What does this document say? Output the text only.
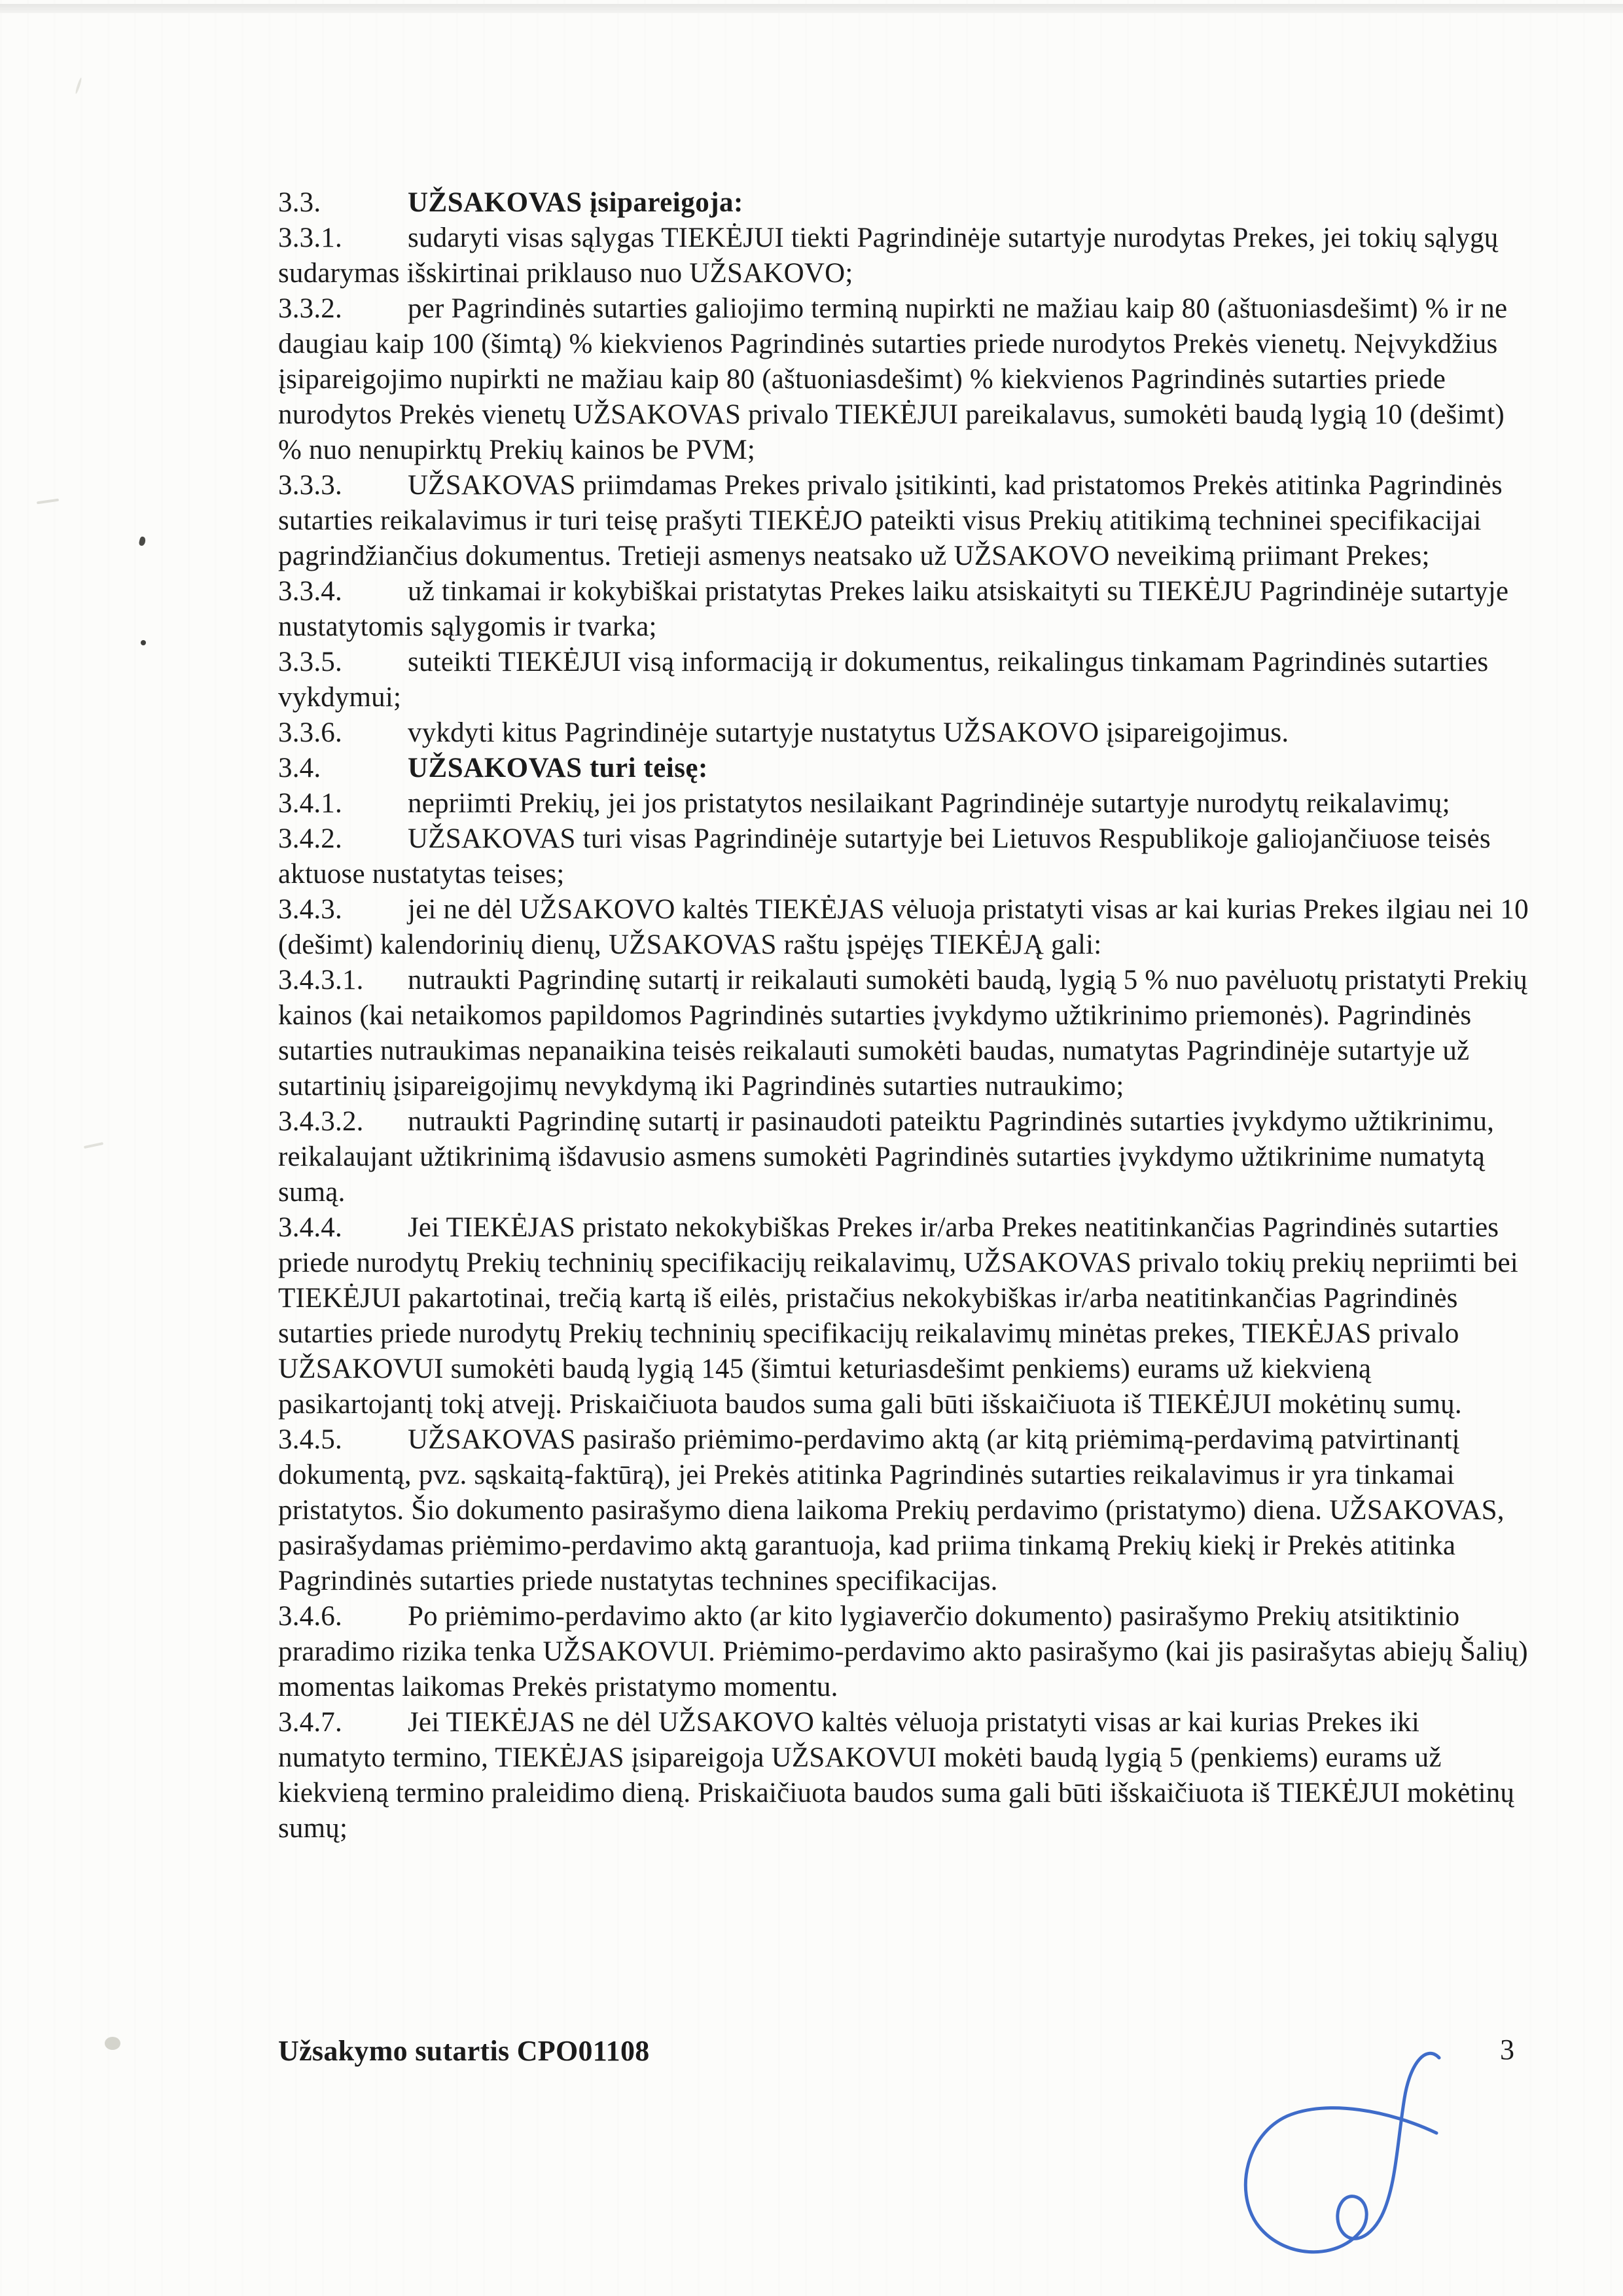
3.3.	UŽSAKOVAS įsipareigoja:

3.3.1. sudaryti visas sąlygas TIEKĖJUI tiekti Pagrindinėje sutartyje nurodytas Prekes, jei tokių sąlygų sudarymas išskirtinai priklauso nuo UŽSAKOVO;

3.3.2. per Pagrindinės sutarties galiojimo terminą nupirkti ne mažiau kaip 80 (aštuoniasdešimt) % ir ne daugiau kaip 100 (šimtą) % kiekvienos Pagrindinės sutarties priede nurodytos Prekės vienetų. Neįvykdžius įsipareigojimo nupirkti ne mažiau kaip 80 (aštuoniasdešimt) % kiekvienos Pagrindinės sutarties priede nurodytos Prekės vienetų UŽSAKOVAS privalo TIEKĖJUI pareikalavus, sumokėti baudą lygią 10 (dešimt) % nuo nenupirktų Prekių kainos be PVM;

3.3.3. UŽSAKOVAS priimdamas Prekes privalo įsitikinti, kad pristatomos Prekės atitinka Pagrindinės sutarties reikalavimus ir turi teisę prašyti TIEKĖJO pateikti visus Prekių atitikimą techninei specifikacijai pagrindžiančius dokumentus. Tretieji asmenys neatsako už UŽSAKOVO neveikimą priimant Prekes;

3.3.4. už tinkamai ir kokybiškai pristatytas Prekes laiku atsiskaityti su TIEKĖJU Pagrindinėje sutartyje nustatytomis sąlygomis ir tvarka;

3.3.5. suteikti TIEKĖJUI visą informaciją ir dokumentus, reikalingus tinkamam Pagrindinės sutarties vykdymui;

3.3.6. vykdyti kitus Pagrindinėje sutartyje nustatytus UŽSAKOVO įsipareigojimus.

3.4.	UŽSAKOVAS turi teisę:

3.4.1. nepriimti Prekių, jei jos pristatytos nesilaikant Pagrindinėje sutartyje nurodytų reikalavimų;

3.4.2. UŽSAKOVAS turi visas Pagrindinėje sutartyje bei Lietuvos Respublikoje galiojančiuose teisės aktuose nustatytas teises;

3.4.3. jei ne dėl UŽSAKOVO kaltės TIEKĖJAS vėluoja pristatyti visas ar kai kurias Prekes ilgiau nei 10 (dešimt) kalendorinių dienų, UŽSAKOVAS raštu įspėjęs TIEKĖJĄ gali:

3.4.3.1. nutraukti Pagrindinę sutartį ir reikalauti sumokėti baudą, lygią 5 % nuo pavėluotų pristatyti Prekių kainos (kai netaikomos papildomos Pagrindinės sutarties įvykdymo užtikrinimo priemonės). Pagrindinės sutarties nutraukimas nepanaikina teisės reikalauti sumokėti baudas, numatytas Pagrindinėje sutartyje už sutartinių įsipareigojimų nevykdymą iki Pagrindinės sutarties nutraukimo;

3.4.3.2. nutraukti Pagrindinę sutartį ir pasinaudoti pateiktu Pagrindinės sutarties įvykdymo užtikrinimu, reikalaujant užtikrinimą išdavusio asmens sumokėti Pagrindinės sutarties įvykdymo užtikrinime numatytą sumą.

3.4.4. Jei TIEKĖJAS pristato nekokybiškas Prekes ir/arba Prekes neatitinkančias Pagrindinės sutarties priede nurodytų Prekių techninių specifikacijų reikalavimų, UŽSAKOVAS privalo tokių prekių nepriimti bei TIEKĖJUI pakartotinai, trečią kartą iš eilės, pristačius nekokybiškas ir/arba neatitinkančias Pagrindinės sutarties priede nurodytų Prekių techninių specifikacijų reikalavimų minėtas prekes, TIEKĖJAS privalo UŽSAKOVUI sumokėti baudą lygią 145 (šimtui keturiasdešimt penkiems) eurams už kiekvieną pasikartojantį tokį atvejį. Priskaičiuota baudos suma gali būti išskaičiuota iš TIEKĖJUI mokėtinų sumų.

3.4.5. UŽSAKOVAS pasirašo priėmimo-perdavimo aktą (ar kitą priėmimą-perdavimą patvirtinantį dokumentą, pvz. sąskaitą-faktūrą), jei Prekės atitinka Pagrindinės sutarties reikalavimus ir yra tinkamai pristatytos. Šio dokumento pasirašymo diena laikoma Prekių perdavimo (pristatymo) diena. UŽSAKOVAS, pasirašydamas priėmimo-perdavimo aktą garantuoja, kad priima tinkamą Prekių kiekį ir Prekės atitinka Pagrindinės sutarties priede nustatytas technines specifikacijas.

3.4.6. Po priėmimo-perdavimo akto (ar kito lygiaverčio dokumento) pasirašymo Prekių atsitiktinio praradimo rizika tenka UŽSAKOVUI. Priėmimo-perdavimo akto pasirašymo (kai jis pasirašytas abiejų Šalių) momentas laikomas Prekės pristatymo momentu.

3.4.7. Jei TIEKĖJAS ne dėl UŽSAKOVO kaltės vėluoja pristatyti visas ar kai kurias Prekes iki numatyto termino, TIEKĖJAS įsipareigoja UŽSAKOVUI mokėti baudą lygią 5 (penkiems) eurams už kiekvieną termino praleidimo dieną. Priskaičiuota baudos suma gali būti išskaičiuota iš TIEKĖJUI mokėtinų sumų;

Užsakymo sutartis CPO01108	3
